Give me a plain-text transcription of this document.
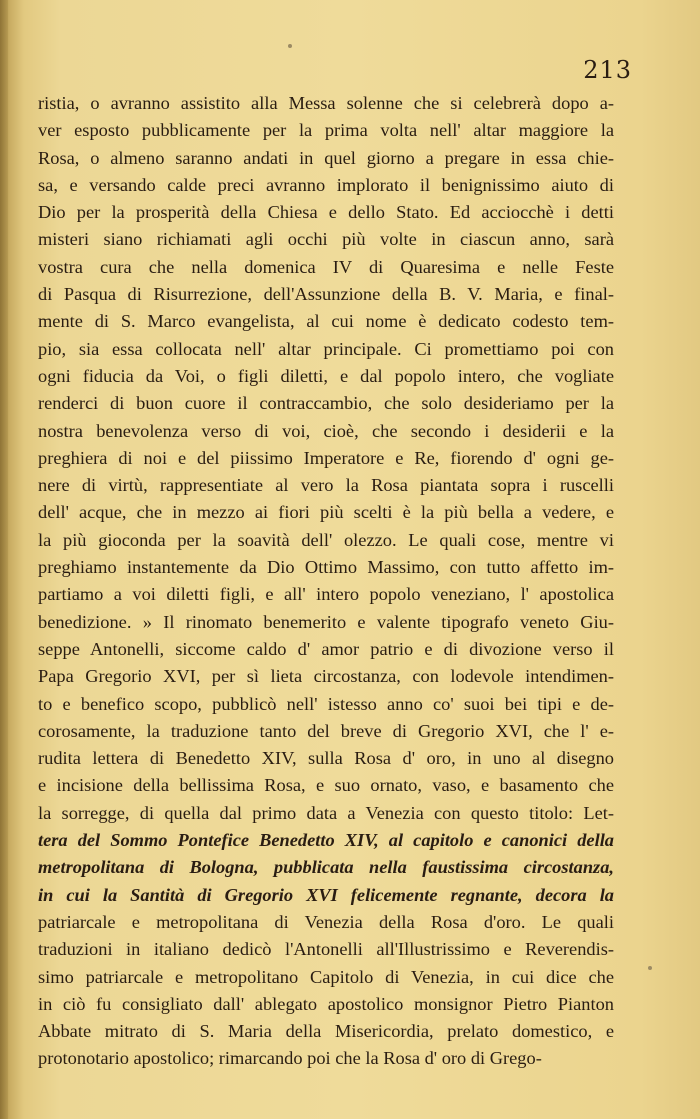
213
ristia, o avranno assistito alla Messa solenne che si celebrerà dopo a-
ver esposto pubblicamente per la prima volta nell' altar maggiore la
Rosa, o almeno saranno andati in quel giorno a pregare in essa chie-
sa, e versando calde preci avranno implorato il benignissimo aiuto di
Dio per la prosperità della Chiesa e dello Stato. Ed acciocchè i detti
misteri siano richiamati agli occhi più volte in ciascun anno, sarà
vostra cura che nella domenica IV di Quaresima e nelle Feste
di Pasqua di Risurrezione, dell'Assunzione della B. V. Maria, e final-
mente di S. Marco evangelista, al cui nome è dedicato codesto tem-
pio, sia essa collocata nell' altar principale. Ci promettiamo poi con
ogni fiducia da Voi, o figli diletti, e dal popolo intero, che vogliate
renderci di buon cuore il contraccambio, che solo desideriamo per la
nostra benevolenza verso di voi, cioè, che secondo i desiderii e la
preghiera di noi e del piissimo Imperatore e Re, fiorendo d' ogni ge-
nere di virtù, rappresentiate al vero la Rosa piantata sopra i ruscelli
dell' acque, che in mezzo ai fiori più scelti è la più bella a vedere, e
la più gioconda per la soavità dell' olezzo. Le quali cose, mentre vi
preghiamo instantemente da Dio Ottimo Massimo, con tutto affetto im-
partiamo a voi diletti figli, e all' intero popolo veneziano, l' apostolica
benedizione. » Il rinomato benemerito e valente tipografo veneto Giu-
seppe Antonelli, siccome caldo d' amor patrio e di divozione verso il
Papa Gregorio XVI, per sì lieta circostanza, con lodevole intendimen-
to e benefico scopo, pubblicò nell' istesso anno co' suoi bei tipi e de-
corosamente, la traduzione tanto del breve di Gregorio XVI, che l' e-
rudita lettera di Benedetto XIV, sulla Rosa d' oro, in uno al disegno
e incisione della bellissima Rosa, e suo ornato, vaso, e basamento che
la sorregge, di quella dal primo data a Venezia con questo titolo: Let-
tera del Sommo Pontefice Benedetto XIV, al capitolo e canonici della
metropolitana di Bologna, pubblicata nella faustissima circostanza,
in cui la Santità di Gregorio XVI felicemente regnante, decora la
patriarcale e metropolitana di Venezia della Rosa d'oro. Le quali
traduzioni in italiano dedicò l'Antonelli all'Illustrissimo e Reverendis-
simo patriarcale e metropolitano Capitolo di Venezia, in cui dice che
in ciò fu consigliato dall' ablegato apostolico monsignor Pietro Pianton
Abbate mitrato di S. Maria della Misericordia, prelato domestico, e
protonotario apostolico; rimarcando poi che la Rosa d' oro di Grego-
